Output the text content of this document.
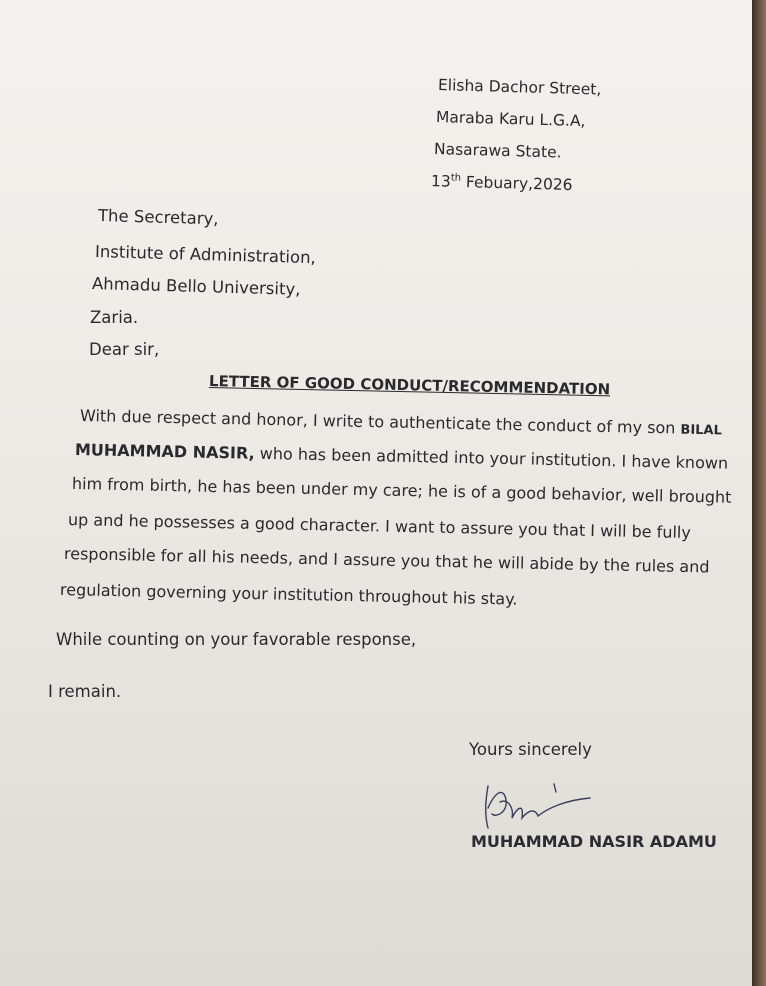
Elisha Dachor Street,
Maraba Karu L.G.A,
Nasarawa State.
13th Febuary,2026
The Secretary,
Institute of Administration,
Ahmadu Bello University,
Zaria.
Dear sir,
LETTER OF GOOD CONDUCT/RECOMMENDATION
With due respect and honor, I write to authenticate the conduct of my son BILAL
MUHAMMAD NASIR, who has been admitted into your institution. I have known
him from birth, he has been under my care; he is of a good behavior, well brought
up and he possesses a good character. I want to assure you that I will be fully
responsible for all his needs, and I assure you that he will abide by the rules and
regulation governing your institution throughout his stay.
While counting on your favorable response,
I remain.
Yours sincerely
MUHAMMAD NASIR ADAMU
